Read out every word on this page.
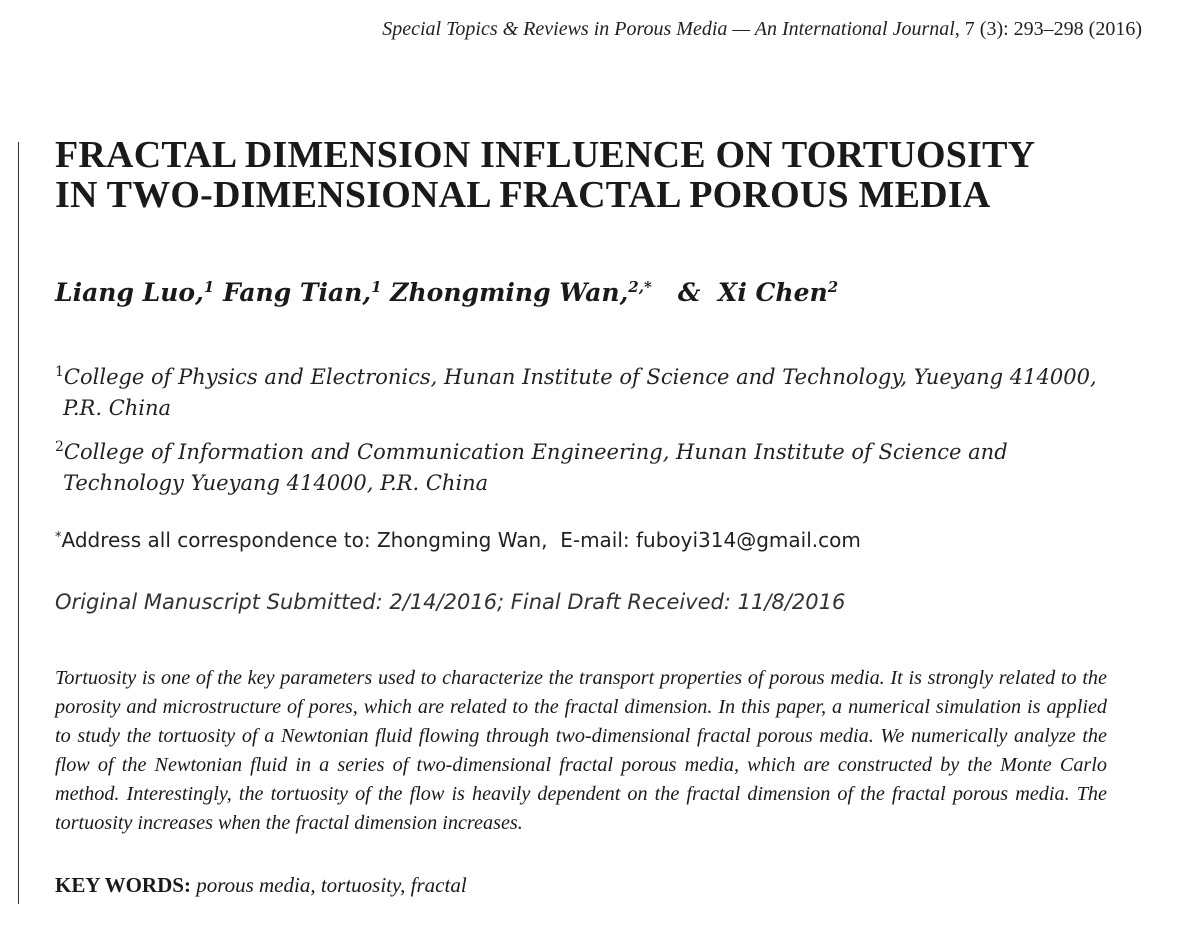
Special Topics & Reviews in Porous Media — An International Journal, 7 (3): 293–298 (2016)
FRACTAL DIMENSION INFLUENCE ON TORTUOSITY
IN TWO-DIMENSIONAL FRACTAL POROUS MEDIA
Liang Luo,$^1$ Fang Tian,$^1$ Zhongming Wan,$^{2,*}$ & Xi Chen$^2$
$^1$College of Physics and Electronics, Hunan Institute of Science and Technology, Yueyang 414000,
P.R. China
$^2$College of Information and Communication Engineering, Hunan Institute of Science and
Technology Yueyang 414000, P.R. China
*Address all correspondence to: Zhongming Wan, E-mail: fuboyi314@gmail.com
Original Manuscript Submitted: 2/14/2016; Final Draft Received: 11/8/2016

Tortuosity is one of the key parameters used to characterize the transport properties of porous media. It is strongly related to the porosity and microstructure of pores, which are related to the fractal dimension. In this paper, a numerical simulation is applied to study the tortuosity of a Newtonian fluid flowing through two-dimensional fractal porous media. We numerically analyze the flow of the Newtonian fluid in a series of two-dimensional fractal porous media, which are constructed by the Monte Carlo method. Interestingly, the tortuosity of the flow is heavily dependent on the fractal dimension of the fractal porous media. The tortuosity increases when the fractal dimension increases.

KEY WORDS: porous media, tortuosity, fractal
